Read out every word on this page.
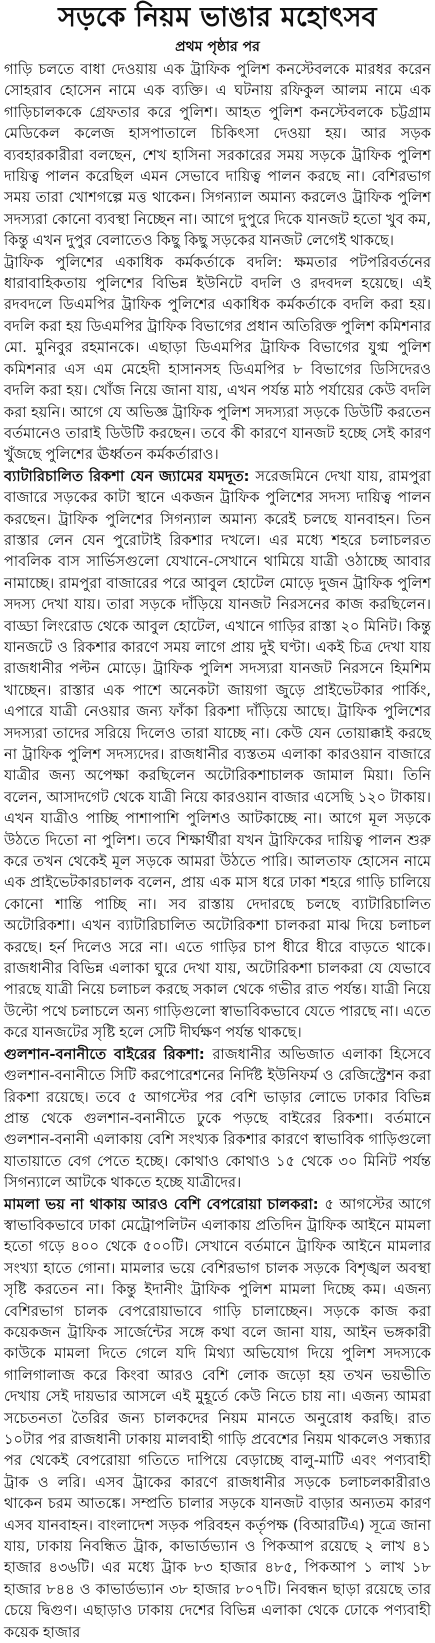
সড়কে নিয়ম ভাঙার মহোৎসব
প্রথম পৃষ্ঠার পর

গাড়ি চলতে বাধা দেওয়ায় এক ট্রাফিক পুলিশ কনস্টেবলকে মারধর করেন সোহরাব হোসেন নামে এক ব্যক্তি। এ ঘটনায় রফিকুল আলম নামে এক গাড়িচালককে গ্রেফতার করে পুলিশ। আহত পুলিশ কনস্টেবলকে চট্টগ্রাম মেডিকেল কলেজ হাসপাতালে চিকিৎসা দেওয়া হয়। আর সড়ক ব্যবহারকারীরা বলছেন, শেখ হাসিনা সরকারের সময় সড়কে ট্রাফিক পুলিশ দায়িত্ব পালন করেছিল এমন সেভাবে দায়িত্ব পালন করছে না। বেশিরভাগ সময় তারা খোশগল্পে মত্ত থাকেন। সিগন্যাল অমান্য করলেও ট্রাফিক পুলিশ সদস্যরা কোনো ব্যবস্থা নিচ্ছেন না। আগে দুপুরে দিকে যানজট হতো খুব কম, কিন্তু এখন দুপুর বেলাতেও কিছু কিছু সড়কের যানজট লেগেই থাকছে।

ট্রাফিক পুলিশের একাধিক কর্মকর্তাকে বদলি: ক্ষমতার পটপরিবর্তনের ধারাবাহিকতায় পুলিশের বিভিন্ন ইউনিটে বদলি ও রদবদল হয়েছে। এই রদবদলে ডিএমপির ট্রাফিক পুলিশের একাধিক কর্মকর্তাকে বদলি করা হয়। বদলি করা হয় ডিএমপির ট্রাফিক বিভাগের প্রধান অতিরিক্ত পুলিশ কমিশনার মো. মুনিবুর রহমানকে। এছাড়া ডিএমপির ট্রাফিক বিভাগের যুগ্ম পুলিশ কমিশনার এস এম মেহেদী হাসানসহ ডিএমপির ৮ বিভাগের ডিসিদেরও বদলি করা হয়। খোঁজ নিয়ে জানা যায়, এখন পর্যন্ত মাঠ পর্যায়ের কেউ বদলি করা হয়নি। আগে যে অভিজ্ঞ ট্রাফিক পুলিশ সদস্যরা সড়কে ডিউটি করতেন বর্তমানেও তারাই ডিউটি করছেন। তবে কী কারণে যানজট হচ্ছে সেই কারণ খুঁজছে পুলিশের ঊর্ধ্বতন কর্মকর্তারাও।

ব্যাটারিচালিত রিকশা যেন জ্যামের যমদূত: সরেজমিনে দেখা যায়, রামপুরা বাজারে সড়কের কাটা স্থানে একজন ট্রাফিক পুলিশের সদস্য দায়িত্ব পালন করছেন। ট্রাফিক পুলিশের সিগন্যাল অমান্য করেই চলছে যানবাহন। তিন রাস্তার লেন যেন পুরোটাই রিকশার দখলে। এর মধ্যে শহরে চলাচলরত পাবলিক বাস সার্ভিসগুলো যেখানে-সেখানে থামিয়ে যাত্রী ওঠাচ্ছে আবার নামাচ্ছে। রামপুরা বাজারের পরে আবুল হোটেল মোড়ে দুজন ট্রাফিক পুলিশ সদস্য দেখা যায়। তারা সড়কে দাঁড়িয়ে যানজট নিরসনের কাজ করছিলেন। বাড্ডা লিংরোড থেকে আবুল হোটেল, এখানে গাড়ির রাস্তা ২০ মিনিট। কিন্তু যানজটে ও রিকশার কারণে সময় লাগে প্রায় দুই ঘণ্টা। একই চিত্র দেখা যায় রাজধানীর পল্টন মোড়ে। ট্রাফিক পুলিশ সদস্যরা যানজট নিরসনে হিমশিম খাচ্ছেন। রাস্তার এক পাশে অনেকটা জায়গা জুড়ে প্রাইভেটকার পার্কিং, এপারে যাত্রী নেওয়ার জন্য ফাঁকা রিকশা দাঁড়িয়ে আছে। ট্রাফিক পুলিশের সদস্যরা তাদের সরিয়ে দিলেও তারা যাচ্ছে না। কেউ যেন তোয়াক্কাই করছে না ট্রাফিক পুলিশ সদস্যদের। রাজধানীর ব্যস্ততম এলাকা কারওয়ান বাজারে যাত্রীর জন্য অপেক্ষা করছিলেন অটোরিকশাচালক জামাল মিয়া। তিনি বলেন, আসাদগেট থেকে যাত্রী নিয়ে কারওয়ান বাজার এসেছি ১২০ টাকায়। এখন যাত্রীও পাচ্ছি পাশাপাশি পুলিশও আটকাচ্ছে না। আগে মূল সড়কে উঠতে দিতো না পুলিশ। তবে শিক্ষার্থীরা যখন ট্রাফিকের দায়িত্ব পালন শুরু করে তখন থেকেই মূল সড়কে আমরা উঠতে পারি। আলতাফ হোসেন নামে এক প্রাইভেটকারচালক বলেন, প্রায় এক মাস ধরে ঢাকা শহরে গাড়ি চালিয়ে কোনো শান্তি পাচ্ছি না। সব রাস্তায় দেদারছে চলছে ব্যাটারিচালিত অটোরিকশা। এখন ব্যাটারিচালিত অটোরিকশা চালকরা মাঝ দিয়ে চলাচল করছে। হর্ন দিলেও সরে না। এতে গাড়ির চাপ ধীরে ধীরে বাড়তে থাকে। রাজধানীর বিভিন্ন এলাকা ঘুরে দেখা যায়, অটোরিকশা চালকরা যে যেভাবে পারছে যাত্রী নিয়ে চলাচল করছে সকাল থেকে গভীর রাত পর্যন্ত। যাত্রী নিয়ে উল্টো পথে চলাচলে অন্য গাড়িগুলো স্বাভাবিকভাবে যেতে পারছে না। এতে করে যানজটের সৃষ্টি হলে সেটি দীর্ঘক্ষণ পর্যন্ত থাকছে।

গুলশান-বনানীতে বাইরের রিকশা: রাজধানীর অভিজাত এলাকা হিসেবে গুলশান-বনানীতে সিটি করপোরেশনের নির্দিষ্ট ইউনিফর্ম ও রেজিস্ট্রেশন করা রিকশা রয়েছে। তবে ৫ আগস্টের পর বেশি ভাড়ার লোভে ঢাকার বিভিন্ন প্রান্ত থেকে গুলশান-বনানীতে ঢুকে পড়ছে বাইরের রিকশা। বর্তমানে গুলশান-বনানী এলাকায় বেশি সংখ্যক রিকশার কারণে স্বাভাবিক গাড়িগুলো যাতায়াতে বেগ পেতে হচ্ছে। কোথাও কোথাও ১৫ থেকে ৩০ মিনিট পর্যন্ত সিগন্যালে আটকে থাকতে হচ্ছে যাত্রীদের।

মামলা ভয় না থাকায় আরও বেশি বেপরোয়া চালকরা: ৫ আগস্টের আগে স্বাভাবিকভাবে ঢাকা মেট্রোপলিটন এলাকায় প্রতিদিন ট্রাফিক আইনে মামলা হতো গড়ে ৪০০ থেকে ৫০০টি। সেখানে বর্তমানে ট্রাফিক আইনে মামলার সংখ্যা হাতে গোনা। মামলার ভয়ে বেশিরভাগ চালক সড়কে বিশৃঙ্খল অবস্থা সৃষ্টি করতেন না। কিন্তু ইদানীং ট্রাফিক পুলিশ মামলা দিচ্ছে কম। এজন্য বেশিরভাগ চালক বেপরোয়াভাবে গাড়ি চালাচ্ছেন। সড়কে কাজ করা কয়েকজন ট্রাফিক সার্জেন্টের সঙ্গে কথা বলে জানা যায়, আইন ভঙ্গকারী কাউকে মামলা দিতে গেলে যদি মিথ্যা অভিযোগ দিয়ে পুলিশ সদস্যকে গালিগালাজ করে কিংবা আরও বেশি লোক জড়ো হয় তখন ভয়ভীতি দেখায় সেই দায়ভার আসলে এই মুহূর্তে কেউ নিতে চায় না। এজন্য আমরা সচেতনতা তৈরির জন্য চালকদের নিয়ম মানতে অনুরোধ করছি। রাত ১০টার পর রাজধানী ঢাকায় মালবাহী গাড়ি প্রবেশের নিয়ম থাকলেও সন্ধ্যার পর থেকেই বেপরোয়া গতিতে দাপিয়ে বেড়াচ্ছে বালু-মাটি এবং পণ্যবাহী ট্রাক ও লরি। এসব ট্রাকের কারণে রাজধানীর সড়কে চলাচলকারীরাও থাকেন চরম আতঙ্কে। সম্প্রতি চালার সড়কে যানজট বাড়ার অন্যতম কারণ এসব যানবাহন। বাংলাদেশ সড়ক পরিবহন কর্তৃপক্ষ (বিআরটিএ) সূত্রে জানা যায়, ঢাকায় নিবন্ধিত ট্রাক, কাভার্ডভ্যান ও পিকআপ রয়েছে ২ লাখ ৪১ হাজার ৪৩৬টি। এর মধ্যে ট্রাক ৮৩ হাজার ৪৮৫, পিকআপ ১ লাখ ১৮ হাজার ৮৪৪ ও কাভার্ডভ্যান ৩৮ হাজার ৮০৭টি। নিবন্ধন ছাড়া রয়েছে তার চেয়ে দ্বিগুণ। এছাড়াও ঢাকায় দেশের বিভিন্ন এলাকা থেকে ঢোকে পণ্যবাহী কয়েক হাজার
